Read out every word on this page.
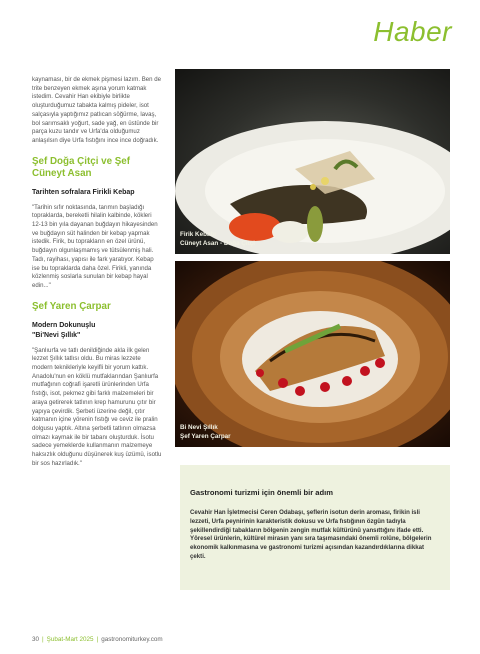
Haber

kaynaması, bir de ekmek pişmesi lazım. Ben de trite benzeyen ekmek aşına yorum katmak istedim. Cevahir Han ekibiyle birlikte oluşturduğumuz tabakta kalmış pideler, isot salçasıyla yaptığımız patlıcan söğürme, lavaş, bol sarımsaklı yoğurt, sade yağ, en üstünde bir parça kuzu tandır ve Urfa'da olduğumuz anlaşılsın diye Urfa fıstığını ince ince doğradık.

Şef Doğa Çitçi ve Şef Cüneyt Asan
Tarihten sofralara Firikli Kebap

"Tarihin sıfır noktasında, tarımın başladığı topraklarda, bereketli hilalin kalbinde, kökleri 12-13 bin yıla dayanan buğdayın hikayesinden ve buğdayın süt halinden bir kebap yapmak istedik. Firik, bu toprakların en özel ürünü, buğdayın olgunlaşmamış ve tütsülenmiş hali. Tadı, rayihası, yapısı ile fark yaratıyor. Kebap ise bu topraklarda daha özel. Firikli, yanında közlenmiş soslarla sunulan bir kebap hayal edin..."

Şef Yaren Çarpar
Modern Dokunuşlu
"Bi'Nevi Şıllık"

"Şanlıurfa ve tatlı denildiğinde akla ilk gelen lezzet Şıllık tatlısı oldu. Bu miras lezzete modern teknikleriyle keyifli bir yorum kattık. Anadolu'nun en köklü mutfaklarından Şanlıurfa mutfağının coğrafi işaretli ürünlerinden Urfa fıstığı, isot, pekmez gibi farklı malzemeleri bir araya getirerek tatlının krep hamurunu çıtır bir yapıya çevirdik. Şerbeti üzerine değil, çıtır katmanın içine yörenin fıstığı ve ceviz ile pralin dolgusu yaptık. Altına şerbetli tatlının olmazsa olmazı kaymak ile bir tabanı oluşturduk. İsotu sadece yemeklerde kullanmanın malzemeye haksızlık olduğunu düşünerek kuş üzümü, isotlu bir sos hazırladık."

Firik Kebabı
Cüneyt Asan - Doğa Çitçi
Bi Nevi Şıllık
Şef Yaren Çarpar
Gastronomi turizmi için önemli bir adım

Cevahir Han İşletmecisi Ceren Odabaşı, şeflerin isotun derin aroması, firikin isli lezzeti, Urfa peynirinin karakteristik dokusu ve Urfa fıstığının özgün tadıyla şekillendirdiği tabakların bölgenin zengin mutfak kültürünü yansıttığını ifade etti. Yöresel ürünlerin, kültürel mirasın yanı sıra taşımasındaki önemli rolüne, bölgelerin ekonomik kalkınmasına ve gastronomi turizmi açısından kazandırdıklarına dikkat çekti.

30 | Şubat-Mart 2025 | gastronomiturkey.com
